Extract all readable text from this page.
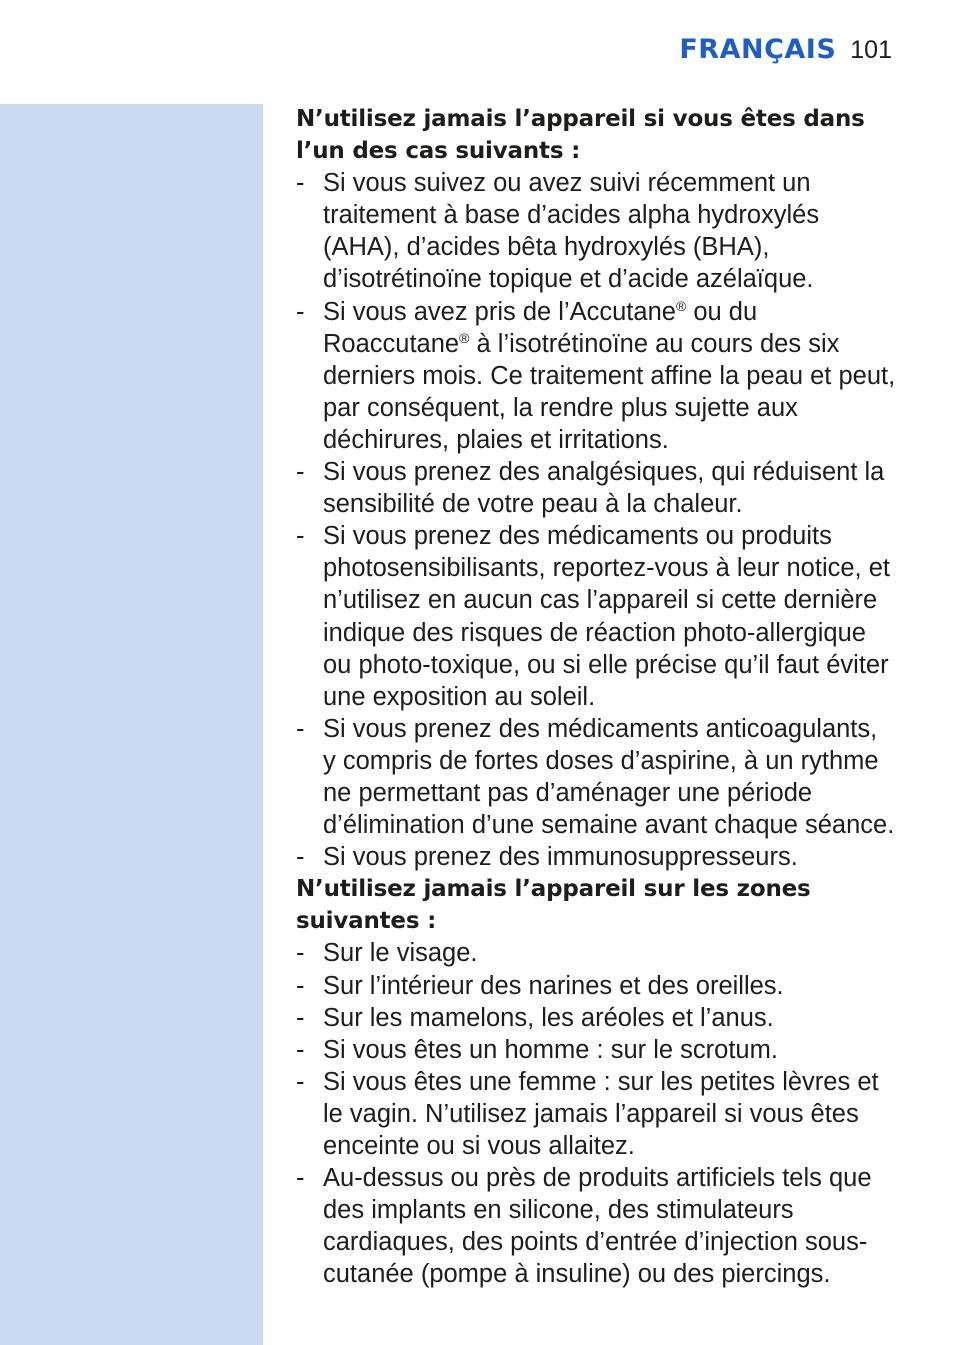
FRANÇAIS 101

N’utilisez jamais l’appareil si vous êtes dans l’un des cas suivants :

- Si vous suivez ou avez suivi récemment un traitement à base d’acides alpha hydroxylés (AHA), d’acides bêta hydroxylés (BHA), d’isotrétinoïne topique et d’acide azélaïque.
- Si vous avez pris de l’Accutane® ou du Roaccutane® à l’isotrétinoïne au cours des six derniers mois. Ce traitement affine la peau et peut, par conséquent, la rendre plus sujette aux déchirures, plaies et irritations.
- Si vous prenez des analgésiques, qui réduisent la sensibilité de votre peau à la chaleur.
- Si vous prenez des médicaments ou produits photosensibilisants, reportez-vous à leur notice, et n’utilisez en aucun cas l’appareil si cette dernière indique des risques de réaction photo-allergique ou photo-toxique, ou si elle précise qu’il faut éviter une exposition au soleil.
- Si vous prenez des médicaments anticoagulants, y compris de fortes doses d’aspirine, à un rythme ne permettant pas d’aménager une période d’élimination d’une semaine avant chaque séance.
- Si vous prenez des immunosuppresseurs.

N’utilisez jamais l’appareil sur les zones suivantes :

- Sur le visage.
- Sur l’intérieur des narines et des oreilles.
- Sur les mamelons, les aréoles et l’anus.
- Si vous êtes un homme : sur le scrotum.
- Si vous êtes une femme : sur les petites lèvres et le vagin. N’utilisez jamais l’appareil si vous êtes enceinte ou si vous allaitez.
- Au-dessus ou près de produits artificiels tels que des implants en silicone, des stimulateurs cardiaques, des points d’entrée d’injection sous-cutanée (pompe à insuline) ou des piercings.
